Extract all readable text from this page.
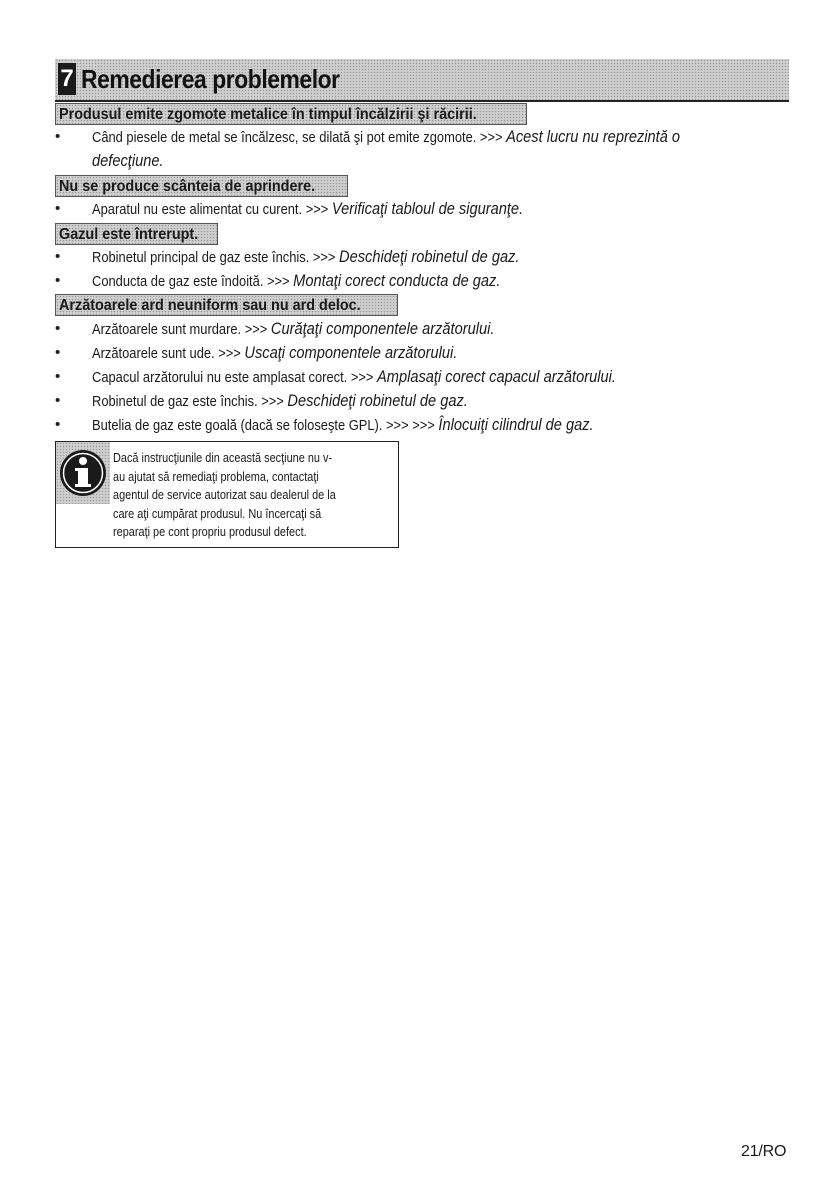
7 Remedierea problemelor
Produsul emite zgomote metalice în timpul încălzirii şi răcirii.
•	Când piesele de metal se încălzesc, se dilată şi pot emite zgomote. >>> Acest lucru nu reprezintă o
defecţiune.
Nu se produce scânteia de aprindere.
•	Aparatul nu este alimentat cu curent. >>> Verificaţi tabloul de siguranţe.
Gazul este întrerupt.
•	Robinetul principal de gaz este închis. >>> Deschideţi robinetul de gaz.
•	Conducta de gaz este îndoită. >>> Montaţi corect conducta de gaz.
Arzătoarele ard neuniform sau nu ard deloc.
•	Arzătoarele sunt murdare. >>> Curăţaţi componentele arzătorului.
•	Arzătoarele sunt ude. >>> Uscaţi componentele arzătorului.
•	Capacul arzătorului nu este amplasat corect. >>> Amplasaţi corect capacul arzătorului.
•	Robinetul de gaz este închis. >>> Deschideţi robinetul de gaz.
•	Butelia de gaz este goală (dacă se foloseşte GPL). >>> >>> Înlocuiţi cilindrul de gaz.
Dacă instrucţiunile din această secţiune nu v-
au ajutat să remediaţi problema, contactaţi
agentul de service autorizat sau dealerul de la
care aţi cumpărat produsul. Nu încercaţi să
reparaţi pe cont propriu produsul defect.
21/RO
